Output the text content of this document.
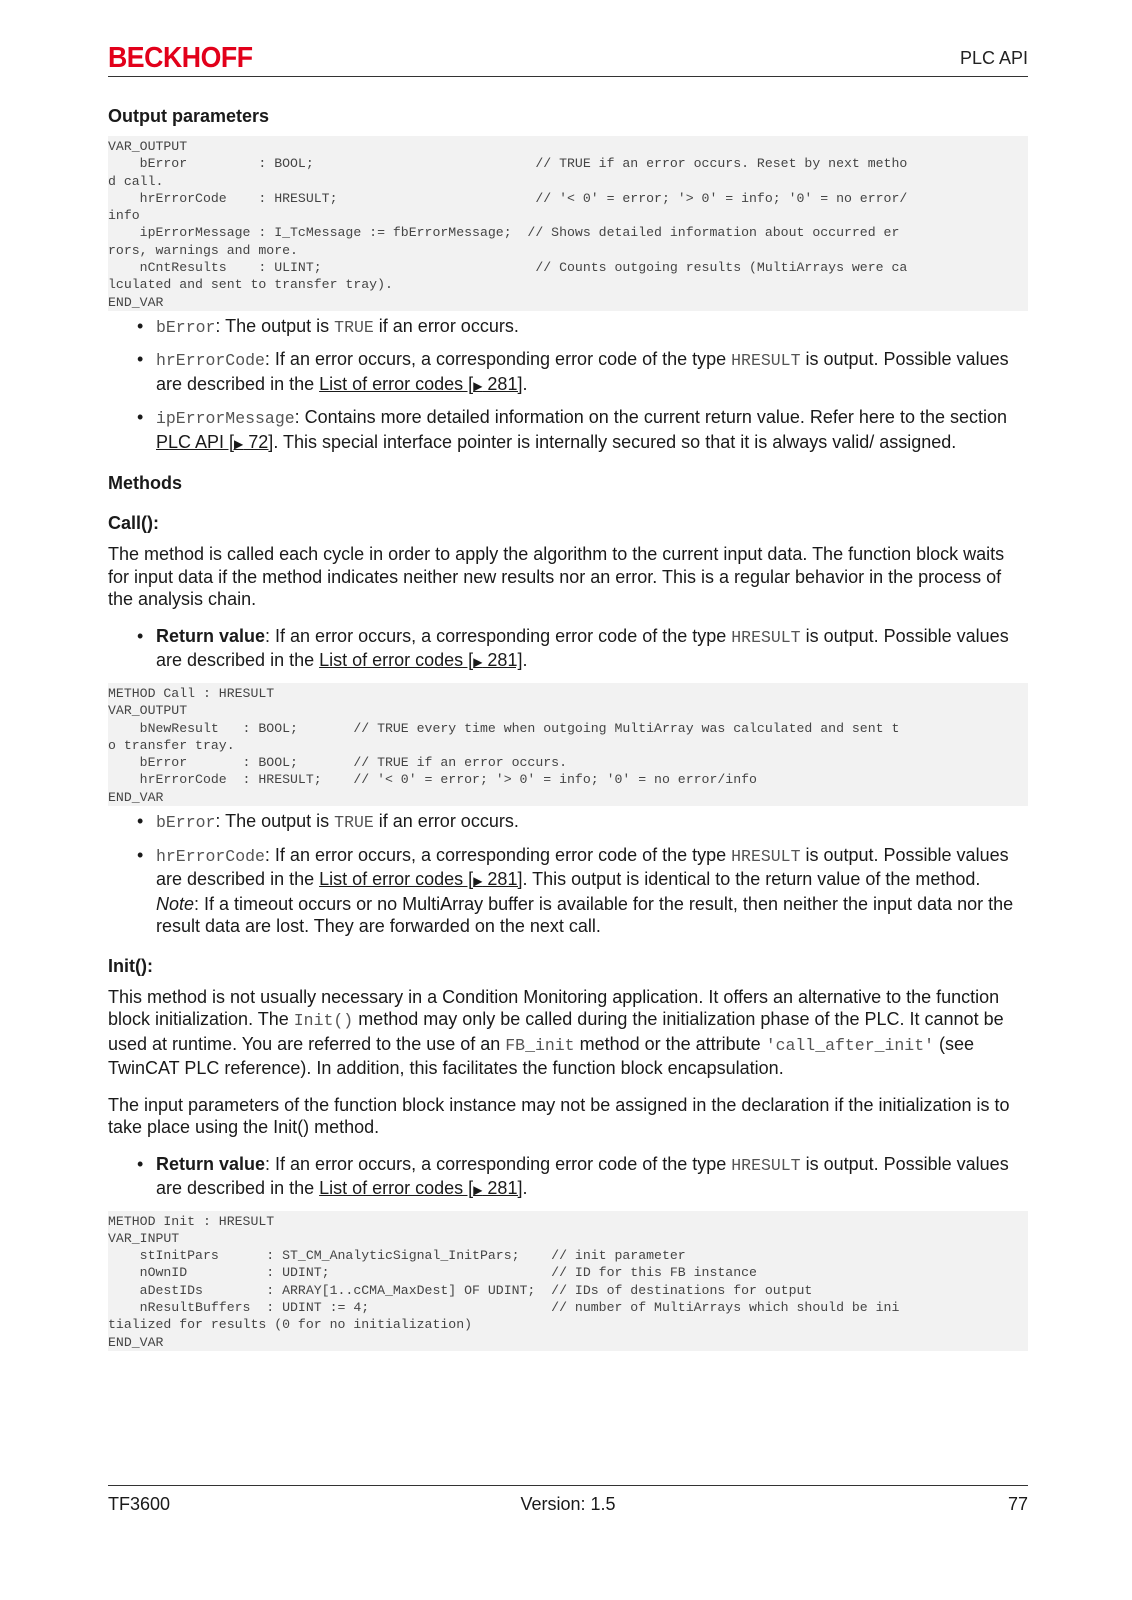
BECKHOFF	PLC API
Output parameters
VAR_OUTPUT
bError         : BOOL;                            // TRUE if an error occurs. Reset by next metho
d call.
hrErrorCode    : HRESULT;                         // '< 0' = error; '> 0' = info; '0' = no error/
info
ipErrorMessage : I_TcMessage := fbErrorMessage;  // Shows detailed information about occurred er
rors, warnings and more.
nCntResults    : ULINT;                           // Counts outgoing results (MultiArrays were ca
lculated and sent to transfer tray).
END_VAR
• bError: The output is TRUE if an error occurs.
• hrErrorCode: If an error occurs, a corresponding error code of the type HRESULT is output. Possible values are described in the List of error codes [▶ 281].
• ipErrorMessage: Contains more detailed information on the current return value. Refer here to the section PLC API [▶ 72]. This special interface pointer is internally secured so that it is always valid/ assigned.
Methods
Call():

The method is called each cycle in order to apply the algorithm to the current input data. The function block waits for input data if the method indicates neither new results nor an error. This is a regular behavior in the process of the analysis chain.

• Return value: If an error occurs, a corresponding error code of the type HRESULT is output. Possible values are described in the List of error codes [▶ 281].
METHOD Call : HRESULT
VAR_OUTPUT
bNewResult   : BOOL;       // TRUE every time when outgoing MultiArray was calculated and sent t
o transfer tray.
bError       : BOOL;       // TRUE if an error occurs.
hrErrorCode  : HRESULT;    // '< 0' = error; '> 0' = info; '0' = no error/info
END_VAR
• bError: The output is TRUE if an error occurs.
• hrErrorCode: If an error occurs, a corresponding error code of the type HRESULT is output. Possible values are described in the List of error codes [▶ 281]. This output is identical to the return value of the method.
Note: If a timeout occurs or no MultiArray buffer is available for the result, then neither the input data nor the result data are lost. They are forwarded on the next call.
Init():

This method is not usually necessary in a Condition Monitoring application. It offers an alternative to the function block initialization. The Init() method may only be called during the initialization phase of the PLC. It cannot be used at runtime. You are referred to the use of an FB_init method or the attribute 'call_after_init' (see TwinCAT PLC reference). In addition, this facilitates the function block encapsulation.

The input parameters of the function block instance may not be assigned in the declaration if the initialization is to take place using the Init() method.

• Return value: If an error occurs, a corresponding error code of the type HRESULT is output. Possible values are described in the List of error codes [▶ 281].
METHOD Init : HRESULT
VAR_INPUT
stInitPars      : ST_CM_AnalyticSignal_InitPars;    // init parameter
nOwnID          : UDINT;                            // ID for this FB instance
aDestIDs        : ARRAY[1..cCMA_MaxDest] OF UDINT;  // IDs of destinations for output
nResultBuffers  : UDINT := 4;                       // number of MultiArrays which should be ini
tialized for results (0 for no initialization)
END_VAR
TF3600	Version: 1.5	77
